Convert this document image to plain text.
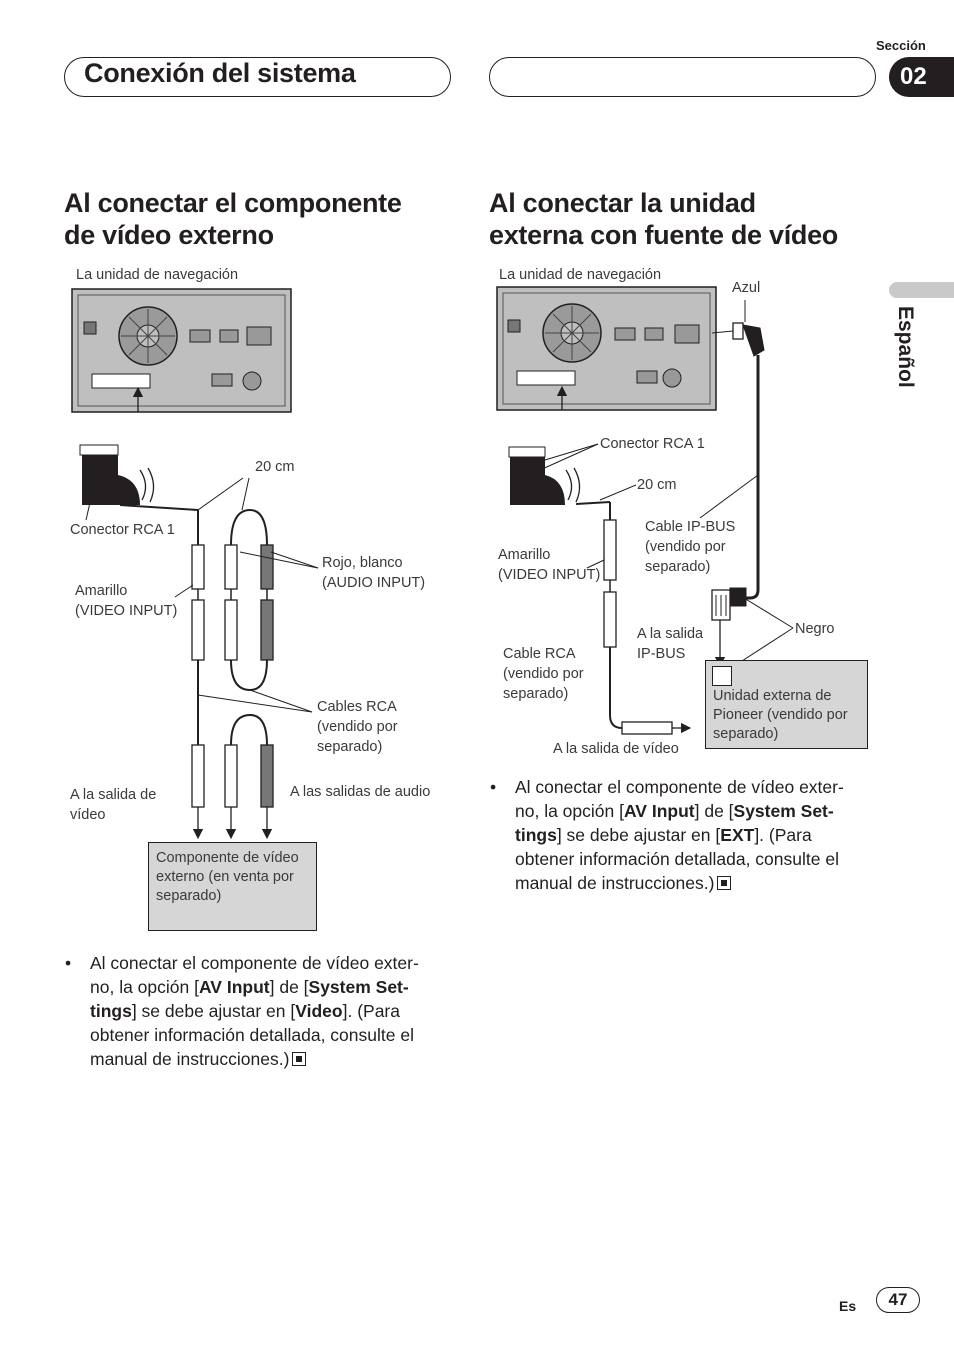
Conexión del sistema
Sección
02
Español
Al conectar el componente
de vídeo externo
Al conectar la unidad
externa con fuente de vídeo
La unidad de navegación
20 cm
Conector RCA 1
Rojo, blanco
(AUDIO INPUT)
Amarillo
(VIDEO INPUT)
Cables RCA
(vendido por
separado)
A la salida de
vídeo
A las salidas de audio
Componente de vídeo
externo (en venta por
separado)
La unidad de navegación
Azul
Conector RCA 1
20 cm
Cable IP-BUS
(vendido por
separado)
Amarillo
(VIDEO INPUT)
Negro
A la salida
IP-BUS
Cable RCA
(vendido por
separado)	Unidad externa de
Pioneer (vendido por
separado)
A la salida de vídeo
• Al conectar el componente de vídeo exter-
no, la opción [AV Input] de [System Set-
tings] se debe ajustar en [Video]. (Para
obtener información detallada, consulte el
manual de instrucciones.)
• Al conectar el componente de vídeo exter-
no, la opción [AV Input] de [System Set-
tings] se debe ajustar en [EXT]. (Para
obtener información detallada, consulte el
manual de instrucciones.)
Es	47
